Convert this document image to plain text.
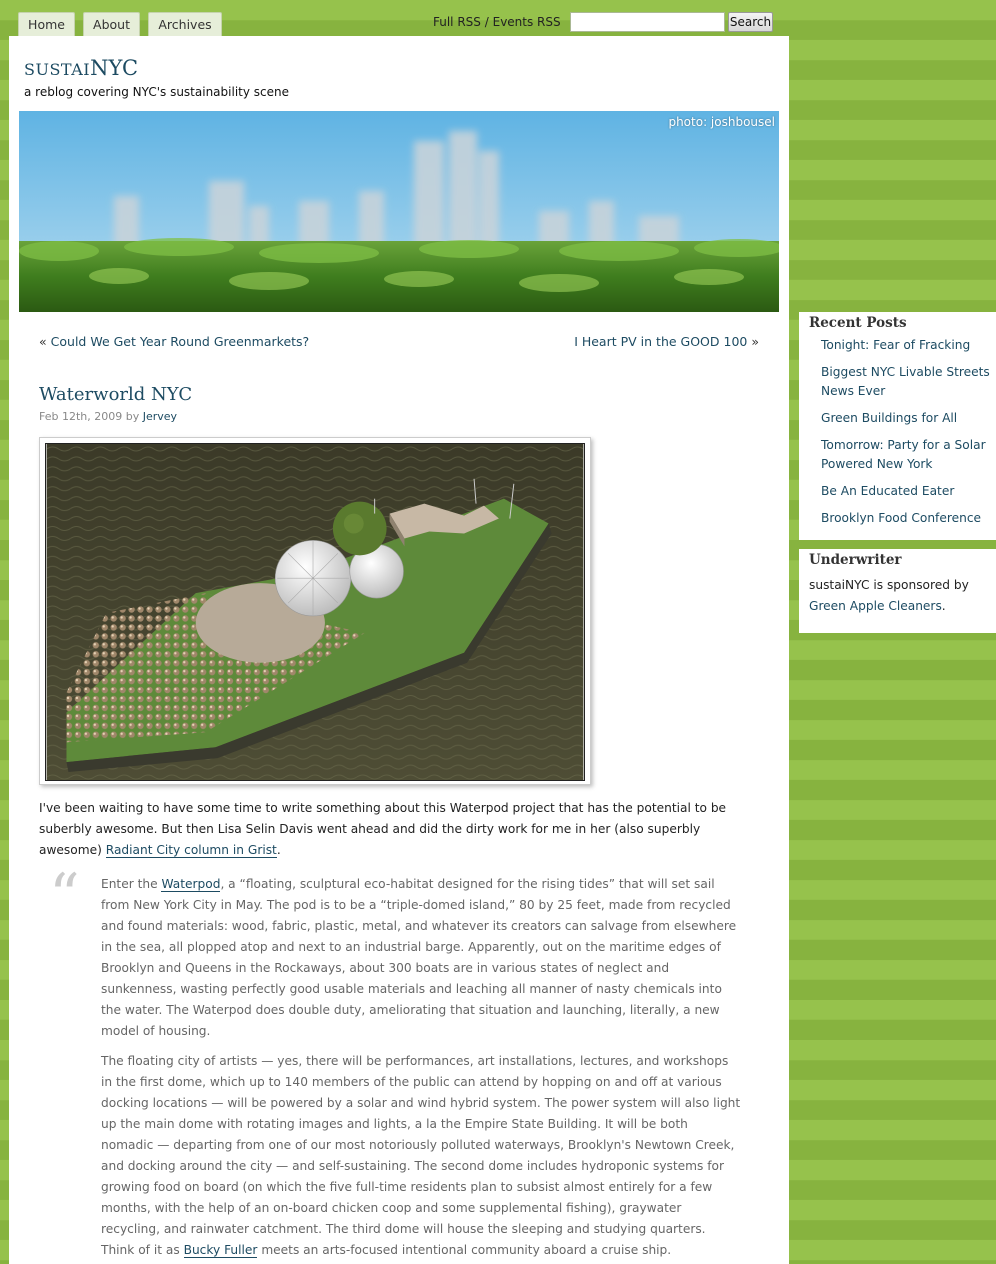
Home	About	Archives	Full RSS / Events RSS	Search
SUSTAINYC
a reblog covering NYC's sustainability scene
photo: joshbousel
« Could We Get Year Round Greenmarkets?	I Heart PV in the GOOD 100 »
Waterworld NYC
Feb 12th, 2009 by Jervey
I've been waiting to have some time to write something about this Waterpod project that has the potential to be suberbly awesome. But then Lisa Selin Davis went ahead and did the dirty work for me in her (also superbly awesome) Radiant City column in Grist.
“ Enter the Waterpod, a “floating, sculptural eco-habitat designed for the rising tides” that will set sail from New York City in May. The pod is to be a “triple-domed island,” 80 by 25 feet, made from recycled and found materials: wood, fabric, plastic, metal, and whatever its creators can salvage from elsewhere in the sea, all plopped atop and next to an industrial barge. Apparently, out on the maritime edges of Brooklyn and Queens in the Rockaways, about 300 boats are in various states of neglect and sunkenness, wasting perfectly good usable materials and leaching all manner of nasty chemicals into the water. The Waterpod does double duty, ameliorating that situation and launching, literally, a new model of housing.

The floating city of artists — yes, there will be performances, art installations, lectures, and workshops in the first dome, which up to 140 members of the public can attend by hopping on and off at various docking locations — will be powered by a solar and wind hybrid system. The power system will also light up the main dome with rotating images and lights, a la the Empire State Building. It will be both nomadic — departing from one of our most notoriously polluted waterways, Brooklyn's Newtown Creek, and docking around the city — and self-sustaining. The second dome includes hydroponic systems for growing food on board (on which the five full-time residents plan to subsist almost entirely for a few months, with the help of an on-board chicken coop and some supplemental fishing), graywater recycling, and rainwater catchment. The third dome will house the sleeping and studying quarters. Think of it as Bucky Fuller meets an arts-focused intentional community aboard a cruise ship.

Recent Posts
Tonight: Fear of Fracking
Biggest NYC Livable Streets News Ever
Green Buildings for All
Tomorrow: Party for a Solar Powered New York
Be An Educated Eater
Brooklyn Food Conference
Underwriter
sustaiNYC is sponsored by
Green Apple Cleaners.
